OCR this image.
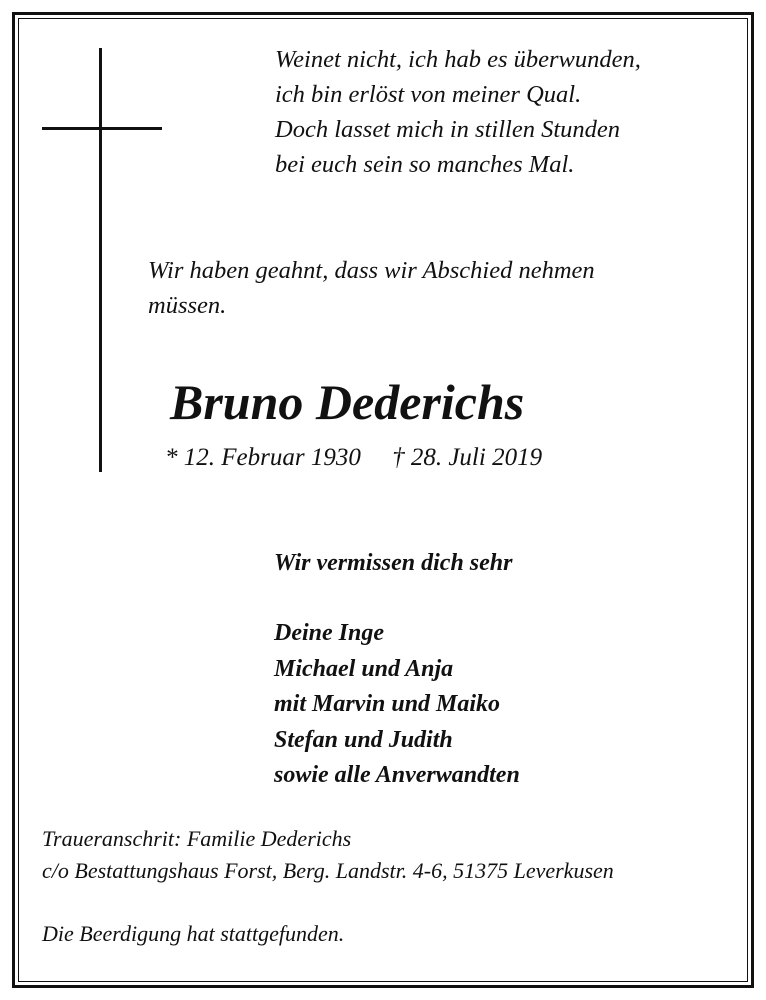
Weinet nicht, ich hab es überwunden,
ich bin erlöst von meiner Qual.
Doch lasset mich in stillen Stunden
bei euch sein so manches Mal.
Wir haben geahnt, dass wir Abschied nehmen
müssen.
Bruno Dederichs
* 12. Februar 1930 † 28. Juli 2019
Wir vermissen dich sehr
Deine Inge
Michael und Anja
mit Marvin und Maiko
Stefan und Judith
sowie alle Anverwandten
Traueranschrit: Familie Dederichs
c/o Bestattungshaus Forst, Berg. Landstr. 4-6, 51375 Leverkusen
Die Beerdigung hat stattgefunden.
